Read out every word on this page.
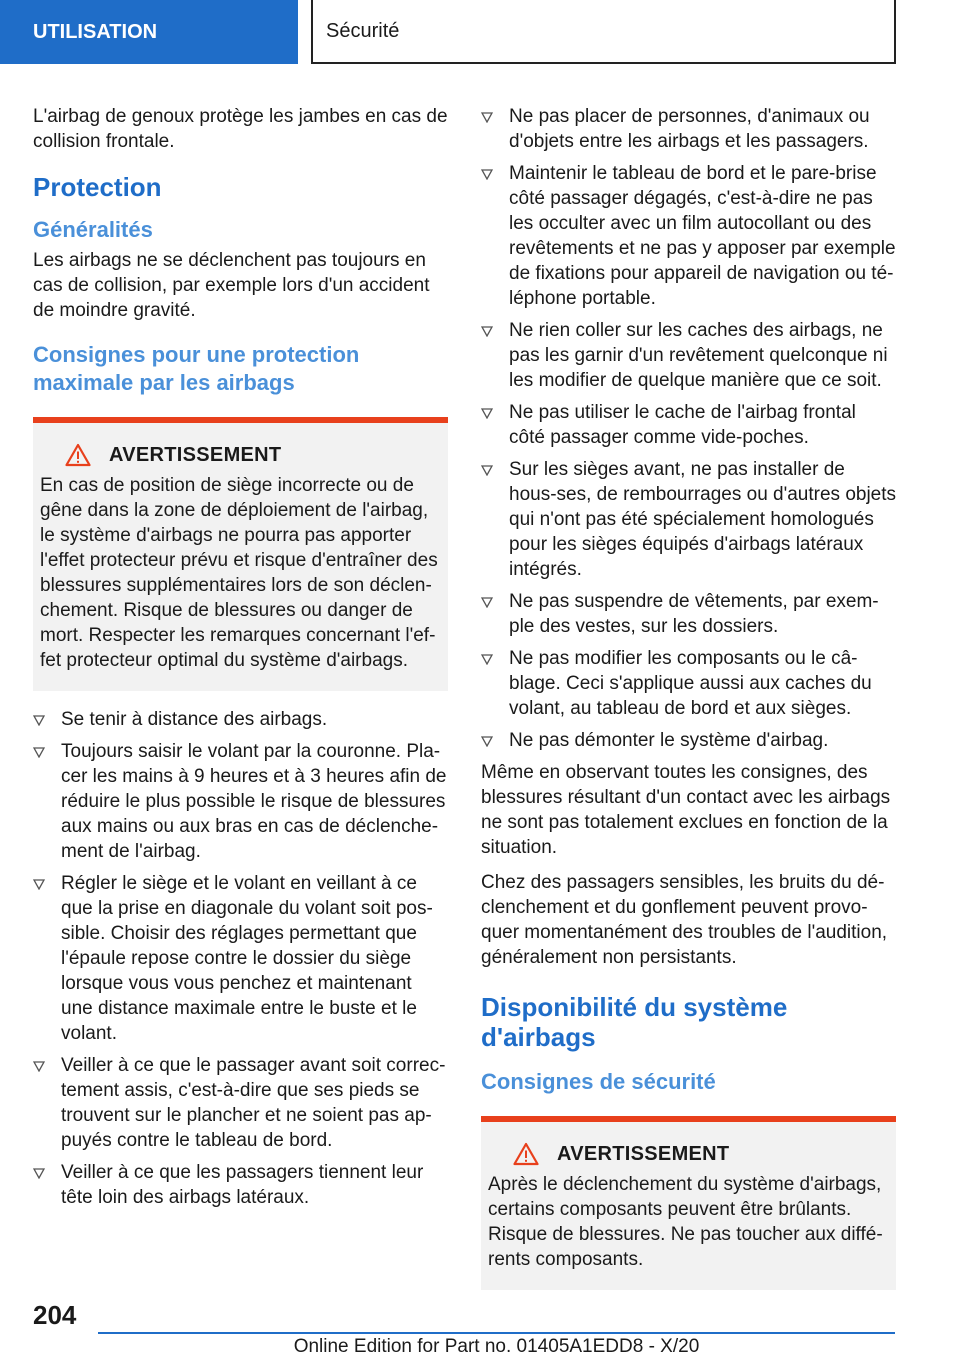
UTILISATION	Sécurité

L'airbag de genoux protège les jambes en cas de collision frontale.

Protection
Généralités

Les airbags ne se déclenchent pas toujours en cas de collision, par exemple lors d'un accident de moindre gravité.

Consignes pour une protection maximale par les airbags
AVERTISSEMENT

En cas de position de siège incorrecte ou de gêne dans la zone de déploiement de l'airbag, le système d'airbags ne pourra pas apporter l'effet protecteur prévu et risque d'entraîner des blessures supplémentaires lors de son déclen-chement. Risque de blessures ou danger de mort. Respecter les remarques concernant l'ef-fet protecteur optimal du système d'airbags.

Se tenir à distance des airbags.
Toujours saisir le volant par la couronne. Pla-cer les mains à 9 heures et à 3 heures afin de réduire le plus possible le risque de blessures aux mains ou aux bras en cas de déclenche-ment de l'airbag.
Régler le siège et le volant en veillant à ce que la prise en diagonale du volant soit pos-sible. Choisir des réglages permettant que l'épaule repose contre le dossier du siège lorsque vous vous penchez et maintenant une distance maximale entre le buste et le volant.
Veiller à ce que le passager avant soit correc-tement assis, c'est-à-dire que ses pieds se trouvent sur le plancher et ne soient pas ap-puyés contre le tableau de bord.
Veiller à ce que les passagers tiennent leur tête loin des airbags latéraux.
Ne pas placer de personnes, d'animaux ou d'objets entre les airbags et les passagers.
Maintenir le tableau de bord et le pare-brise côté passager dégagés, c'est-à-dire ne pas les occulter avec un film autocollant ou des revêtements et ne pas y apposer par exemple de fixations pour appareil de navigation ou té-léphone portable.
Ne rien coller sur les caches des airbags, ne pas les garnir d'un revêtement quelconque ni les modifier de quelque manière que ce soit.
Ne pas utiliser le cache de l'airbag frontal côté passager comme vide-poches.
Sur les sièges avant, ne pas installer de hous-ses, de rembourrages ou d'autres objets qui n'ont pas été spécialement homologués pour les sièges équipés d'airbags latéraux intégrés.
Ne pas suspendre de vêtements, par exem-ple des vestes, sur les dossiers.
Ne pas modifier les composants ou le câ-blage. Ceci s'applique aussi aux caches du volant, au tableau de bord et aux sièges.
Ne pas démonter le système d'airbag.

Même en observant toutes les consignes, des blessures résultant d'un contact avec les airbags ne sont pas totalement exclues en fonction de la situation.

Chez des passagers sensibles, les bruits du dé-clenchement et du gonflement peuvent provo-quer momentanément des troubles de l'audition, généralement non persistants.

Disponibilité du système d'airbags
Consignes de sécurité
AVERTISSEMENT

Après le déclenchement du système d'airbags, certains composants peuvent être brûlants. Risque de blessures. Ne pas toucher aux diffé-rents composants.

204
Online Edition for Part no. 01405A1EDD8 - X/20
